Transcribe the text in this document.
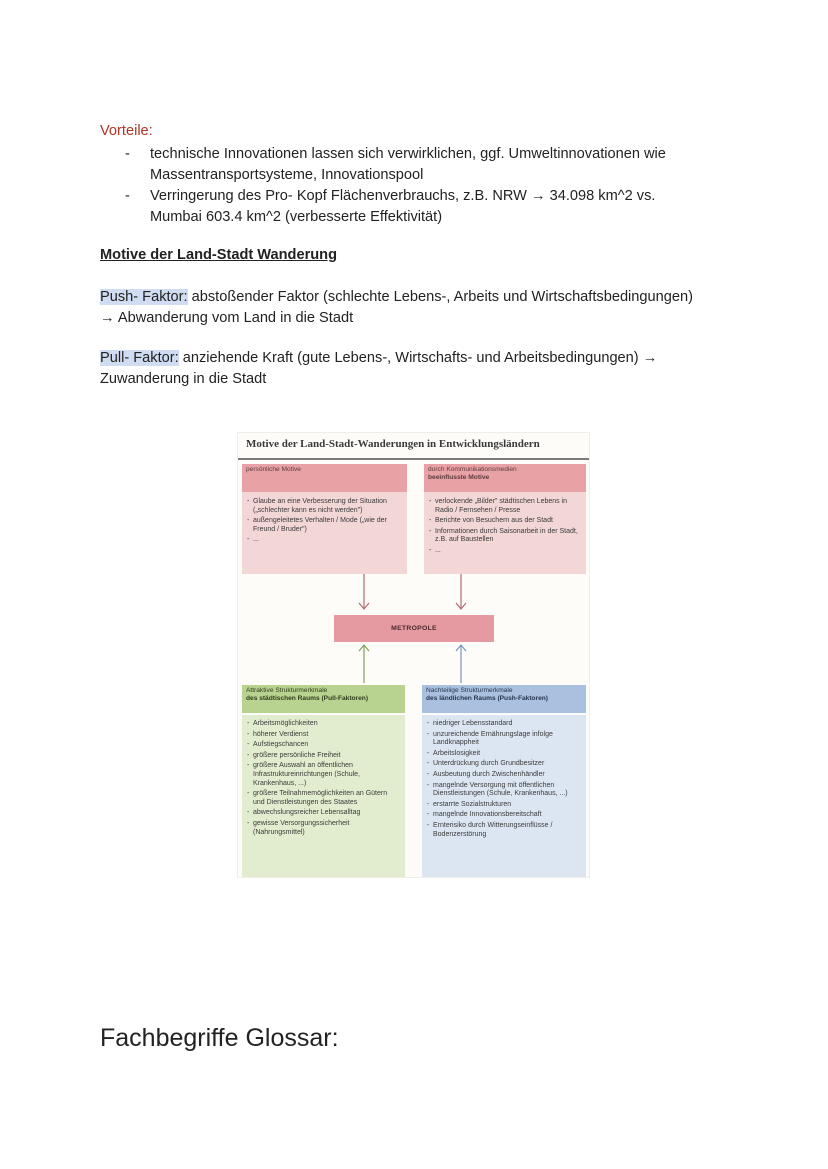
Vorteile:
- technische Innovationen lassen sich verwirklichen, ggf. Umweltinnovationen wie
Massentransportsysteme, Innovationspool
- Verringerung des Pro- Kopf Flächenverbrauchs, z.B. NRW → 34.098 km^2 vs.
Mumbai 603.4 km^2 (verbesserte Effektivität)
Motive der Land-Stadt Wanderung
Push- Faktor: abstoßender Faktor (schlechte Lebens-, Arbeits und Wirtschaftsbedingungen)
→ Abwanderung vom Land in die Stadt
Pull- Faktor: anziehende Kraft (gute Lebens-, Wirtschafts- und Arbeitsbedingungen) →
Zuwanderung in die Stadt
Motive der Land-Stadt-Wanderungen in Entwicklungsländern
persönliche Motive
- Glaube an eine Verbesserung der Situation („schlechter kann es nicht werden")
- außengeleitetes Verhalten / Mode („wie der Freund / Bruder")
- ...
durch Kommunikationsmedien
beeinflusste Motive
- verlockende „Bilder" städtischen Lebens in Radio / Fernsehen / Presse
- Berichte von Besuchern aus der Stadt
- Informationen durch Saisonarbeit in der Stadt, z.B. auf Baustellen
- ...
METROPOLE
Attraktive Strukturmerkmale
des städtischen Raums (Pull-Faktoren)
- Arbeitsmöglichkeiten
- höherer Verdienst
- Aufstiegschancen
- größere persönliche Freiheit
- größere Auswahl an öffentlichen Infrastruktureinrichtungen (Schule, Krankenhaus, ...)
- größere Teilnahmemöglichkeiten an Gütern und Dienstleistungen des Staates
- abwechslungsreicher Lebensalltag
- gewisse Versorgungssicherheit (Nahrungsmittel)
Nachteilige Strukturmerkmale
des ländlichen Raums (Push-Faktoren)
- niedriger Lebensstandard
- unzureichende Ernährungslage infolge Landknappheit
- Arbeitslosigkeit
- Unterdrückung durch Grundbesitzer
- Ausbeutung durch Zwischenhändler
- mangelnde Versorgung mit öffentlichen Dienstleistungen (Schule, Krankenhaus, ...)
- erstarrte Sozialstrukturen
- mangelnde Innovationsbereitschaft
- Ernterisiko durch Witterungseinflüsse / Bodenzerstörung
Fachbegriffe Glossar:
